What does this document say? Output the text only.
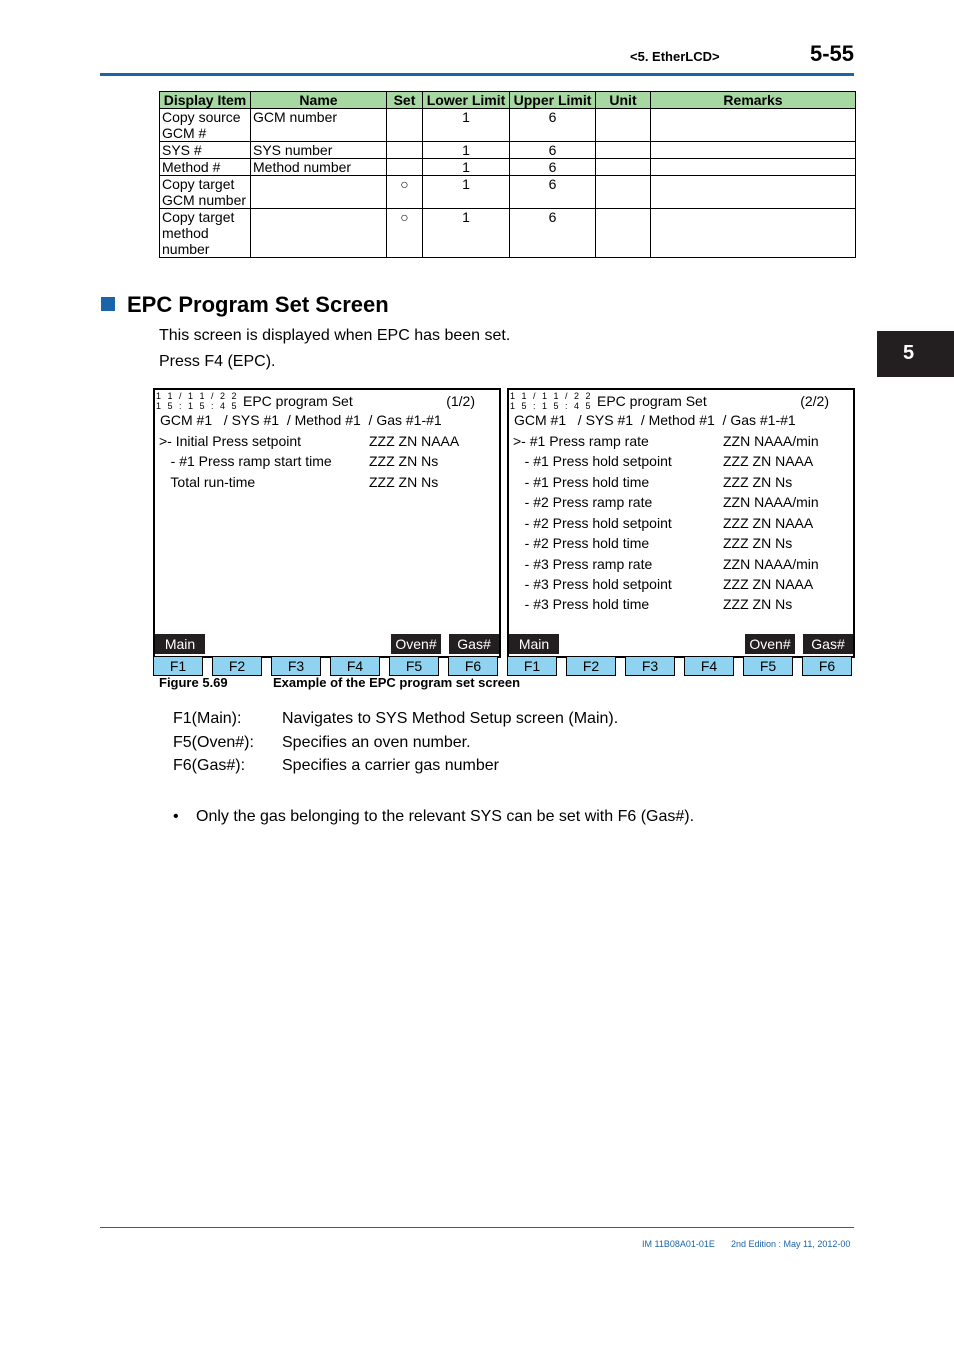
<5. EtherLCD>	5-55
Display Item	Name	Set	Lower Limit	Upper Limit	Unit	Remarks
Copy source GCM #	GCM number		1	6		
SYS #	SYS number		1	6		
Method #	Method number		1	6		
Copy target GCM number		○	1	6		
Copy target method number		○	1	6		
EPC Program Set Screen
This screen is displayed when EPC has been set.
Press F4 (EPC).	5
1 1 / 1 1 / 2 2
1 5 : 1 5 : 4 5 EPC program Set	(1/2)
GCM #1   / SYS #1  / Method #1  / Gas #1-#1
>- Initial Press setpoint	ZZZ ZN NAAA
- #1 Press ramp start time	ZZZ ZN Ns
Total run-time	ZZZ ZN Ns
Main	Oven#	Gas#
F1	F2	F3	F4	F5	F6
1 1 / 1 1 / 2 2
1 5 : 1 5 : 4 5 EPC program Set	(2/2)
GCM #1   / SYS #1  / Method #1  / Gas #1-#1
>- #1 Press ramp rate	ZZN NAAA/min
- #1 Press hold setpoint	ZZZ ZN NAAA
- #1 Press hold time	ZZZ ZN Ns
- #2 Press ramp rate	ZZN NAAA/min
- #2 Press hold setpoint	ZZZ ZN NAAA
- #2 Press hold time	ZZZ ZN Ns
- #3 Press ramp rate	ZZN NAAA/min
- #3 Press hold setpoint	ZZZ ZN NAAA
- #3 Press hold time	ZZZ ZN Ns
Main	Oven#	Gas#
F1	F2	F3	F4	F5	F6
Figure 5.69	Example of the EPC program set screen
F1(Main):	Navigates to SYS Method Setup screen (Main).
F5(Oven#): Specifies an oven number.
F6(Gas#): Specifies a carrier gas number
• Only the gas belonging to the relevant SYS can be set with F6 (Gas#).
IM 11B08A01-01E 2nd Edition : May 11, 2012-00
